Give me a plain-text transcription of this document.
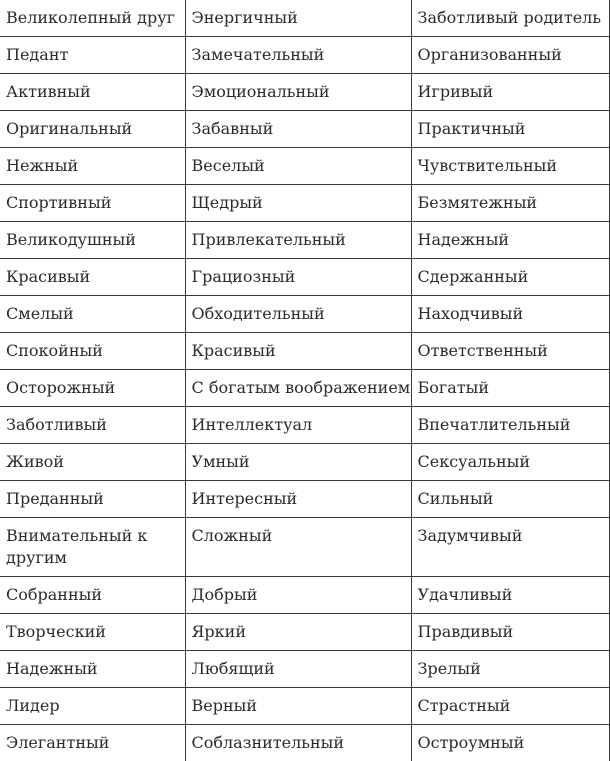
Великолепный друг	Энергичный	Заботливый родитель
Педант	Замечательный	Организованный
Активный	Эмоциональный	Игривый
Оригинальный	Забавный	Практичный
Нежный	Веселый	Чувствительный
Спортивный	Щедрый	Безмятежный
Великодушный	Привлекательный	Надежный
Красивый	Грациозный	Сдержанный
Смелый	Обходительный	Находчивый
Спокойный	Красивый	Ответственный
Осторожный	С богатым воображением	Богатый
Заботливый	Интеллектуал	Впечатлительный
Живой	Умный	Сексуальный
Преданный	Интересный	Сильный
Внимательный к другим	Сложный	Задумчивый
Собранный	Добрый	Удачливый
Творческий	Яркий	Правдивый
Надежный	Любящий	Зрелый
Лидер	Верный	Страстный
Элегантный	Соблазнительный	Остроумный
